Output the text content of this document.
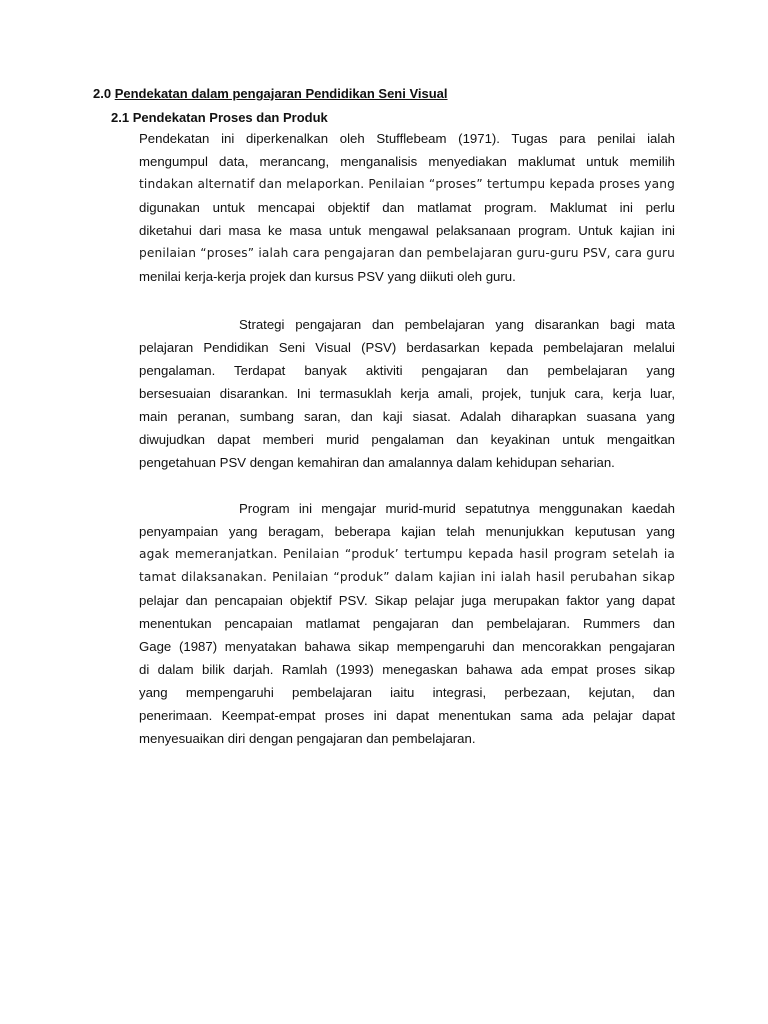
2.0 Pendekatan dalam pengajaran Pendidikan Seni Visual
2.1 Pendekatan Proses dan Produk
Pendekatan ini diperkenalkan oleh Stufflebeam (1971). Tugas para penilai ialah
mengumpul data, merancang, menganalisis menyediakan maklumat untuk memilih
tindakan alternatif dan melaporkan. Penilaian “proses” tertumpu kepada proses yang
digunakan untuk mencapai objektif dan matlamat program. Maklumat ini perlu
diketahui dari masa ke masa untuk mengawal pelaksanaan program. Untuk kajian ini
penilaian “proses” ialah cara pengajaran dan pembelajaran guru-guru PSV, cara guru
menilai kerja-kerja projek dan kursus PSV yang diikuti oleh guru.
Strategi pengajaran dan pembelajaran yang disarankan bagi mata
pelajaran Pendidikan Seni Visual (PSV) berdasarkan kepada pembelajaran melalui
pengalaman. Terdapat banyak aktiviti pengajaran dan pembelajaran yang
bersesuaian disarankan. Ini termasuklah kerja amali, projek, tunjuk cara, kerja luar,
main peranan, sumbang saran, dan kaji siasat. Adalah diharapkan suasana yang
diwujudkan dapat memberi murid pengalaman dan keyakinan untuk mengaitkan
pengetahuan PSV dengan kemahiran dan amalannya dalam kehidupan seharian.
Program ini mengajar murid-murid sepatutnya menggunakan kaedah
penyampaian yang beragam, beberapa kajian telah menunjukkan keputusan yang
agak memeranjatkan. Penilaian “produk’ tertumpu kepada hasil program setelah ia
tamat dilaksanakan. Penilaian “produk” dalam kajian ini ialah hasil perubahan sikap
pelajar dan pencapaian objektif PSV. Sikap pelajar juga merupakan faktor yang dapat
menentukan pencapaian matlamat pengajaran dan pembelajaran. Rummers dan
Gage (1987) menyatakan bahawa sikap mempengaruhi dan mencorakkan pengajaran
di dalam bilik darjah. Ramlah (1993) menegaskan bahawa ada empat proses sikap
yang mempengaruhi pembelajaran iaitu integrasi, perbezaan, kejutan, dan
penerimaan. Keempat-empat proses ini dapat menentukan sama ada pelajar dapat
menyesuaikan diri dengan pengajaran dan pembelajaran.
